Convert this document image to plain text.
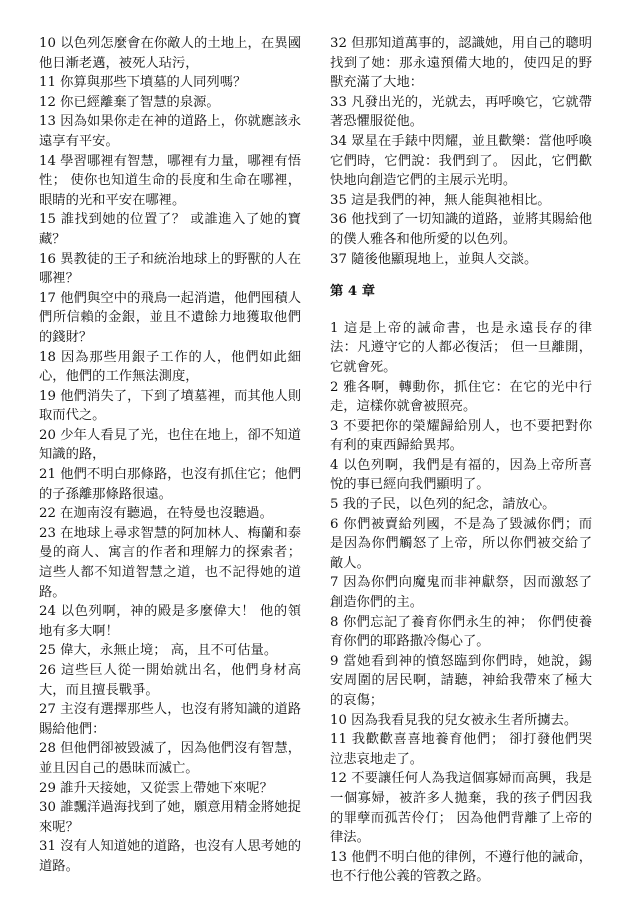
10 以色列怎麼會在你敵人的土地上，在異國他日漸老邁，被死人玷污，

11 你算與那些下墳墓的人同列嗎？

12 你已經離棄了智慧的泉源。

13 因為如果你走在神的道路上，你就應該永遠享有平安。

14 學習哪裡有智慧，哪裡有力量，哪裡有悟性； 使你也知道生命的長度和生命在哪裡，眼睛的光和平安在哪裡。

15 誰找到她的位置了？ 或誰進入了她的寶藏？

16 異教徒的王子和統治地球上的野獸的人在哪裡？

17 他們與空中的飛鳥一起消遣，他們囤積人們所信賴的金銀，並且不遺餘力地獲取他們的錢財？

18 因為那些用銀子工作的人，他們如此細心，他們的工作無法測度，

19 他們消失了，下到了墳墓裡，而其他人則取而代之。

20 少年人看見了光，也住在地上，卻不知道知識的路，

21 他們不明白那條路，也沒有抓住它；他們的子孫離那條路很遠。

22 在迦南沒有聽過，在特曼也沒聽過。

23 在地球上尋求智慧的阿加林人、梅蘭和泰曼的商人、寓言的作者和理解力的探索者；這些人都不知道智慧之道，也不記得她的道路。

24 以色列啊，神的殿是多麼偉大！ 他的領地有多大啊！

25 偉大，永無止境； 高，且不可估量。

26 這些巨人從一開始就出名，他們身材高大，而且擅長戰爭。

27 主沒有選擇那些人，也沒有將知識的道路賜給他們：

28 但他們卻被毀滅了，因為他們沒有智慧，並且因自己的愚昧而滅亡。

29 誰升天接她，又從雲上帶她下來呢？

30 誰飄洋過海找到了她，願意用精金將她捉來呢？

31 沒有人知道她的道路，也沒有人思考她的道路。

32 但那知道萬事的，認識她，用自己的聰明找到了她：那永遠預備大地的，使四足的野獸充滿了大地：

33 凡發出光的，光就去，再呼喚它，它就帶著恐懼服從他。

34 眾星在手錶中閃耀，並且歡樂：當他呼喚它們時，它們說：我們到了。 因此，它們歡快地向創造它們的主展示光明。

35 這是我們的神，無人能與祂相比。

36 他找到了一切知識的道路，並將其賜給他的僕人雅各和他所愛的以色列。

37 隨後他顯現地上，並與人交談。

第 4 章

1 這是上帝的誡命書，也是永遠長存的律法：凡遵守它的人都必復活； 但一旦離開，它就會死。

2 雅各啊，轉動你，抓住它：在它的光中行走，這樣你就會被照亮。

3 不要把你的榮耀歸給別人，也不要把對你有利的東西歸給異邦。

4 以色列啊，我們是有福的，因為上帝所喜悅的事已經向我們顯明了。

5 我的子民，以色列的紀念，請放心。

6 你們被賣給列國，不是為了毀滅你們；而是因為你們觸怒了上帝，所以你們被交給了敵人。

7 因為你們向魔鬼而非神獻祭，因而激怒了創造你們的主。

8 你們忘記了養育你們永生的神； 你們使養育你們的耶路撒冷傷心了。

9 當她看到神的憤怒臨到你們時，她說，錫安周圍的居民啊，請聽，神給我帶來了極大的哀傷；

10 因為我看見我的兒女被永生者所擄去。

11 我歡歡喜喜地養育他們； 卻打發他們哭泣悲哀地走了。

12 不要讓任何人為我這個寡婦而高興，我是一個寡婦，被許多人拋棄，我的孩子們因我的罪孽而孤苦伶仃； 因為他們背離了上帝的律法。

13 他們不明白他的律例，不遵行他的誡命，也不行他公義的管教之路。
